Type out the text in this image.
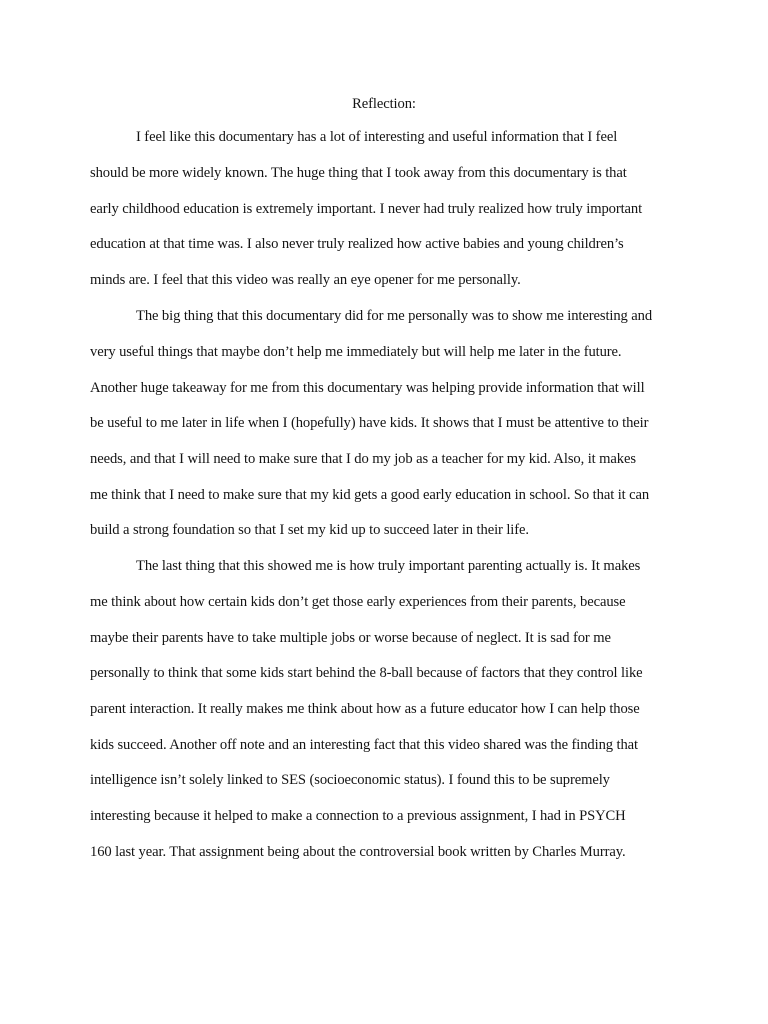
Reflection:
I feel like this documentary has a lot of interesting and useful information that I feel
should be more widely known. The huge thing that I took away from this documentary is that
early childhood education is extremely important. I never had truly realized how truly important
education at that time was. I also never truly realized how active babies and young children’s
minds are. I feel that this video was really an eye opener for me personally.
The big thing that this documentary did for me personally was to show me interesting and
very useful things that maybe don’t help me immediately but will help me later in the future.
Another huge takeaway for me from this documentary was helping provide information that will
be useful to me later in life when I (hopefully) have kids. It shows that I must be attentive to their
needs, and that I will need to make sure that I do my job as a teacher for my kid. Also, it makes
me think that I need to make sure that my kid gets a good early education in school. So that it can
build a strong foundation so that I set my kid up to succeed later in their life.
The last thing that this showed me is how truly important parenting actually is. It makes
me think about how certain kids don’t get those early experiences from their parents, because
maybe their parents have to take multiple jobs or worse because of neglect. It is sad for me
personally to think that some kids start behind the 8-ball because of factors that they control like
parent interaction. It really makes me think about how as a future educator how I can help those
kids succeed. Another off note and an interesting fact that this video shared was the finding that
intelligence isn’t solely linked to SES (socioeconomic status). I found this to be supremely
interesting because it helped to make a connection to a previous assignment, I had in PSYCH
160 last year. That assignment being about the controversial book written by Charles Murray.
